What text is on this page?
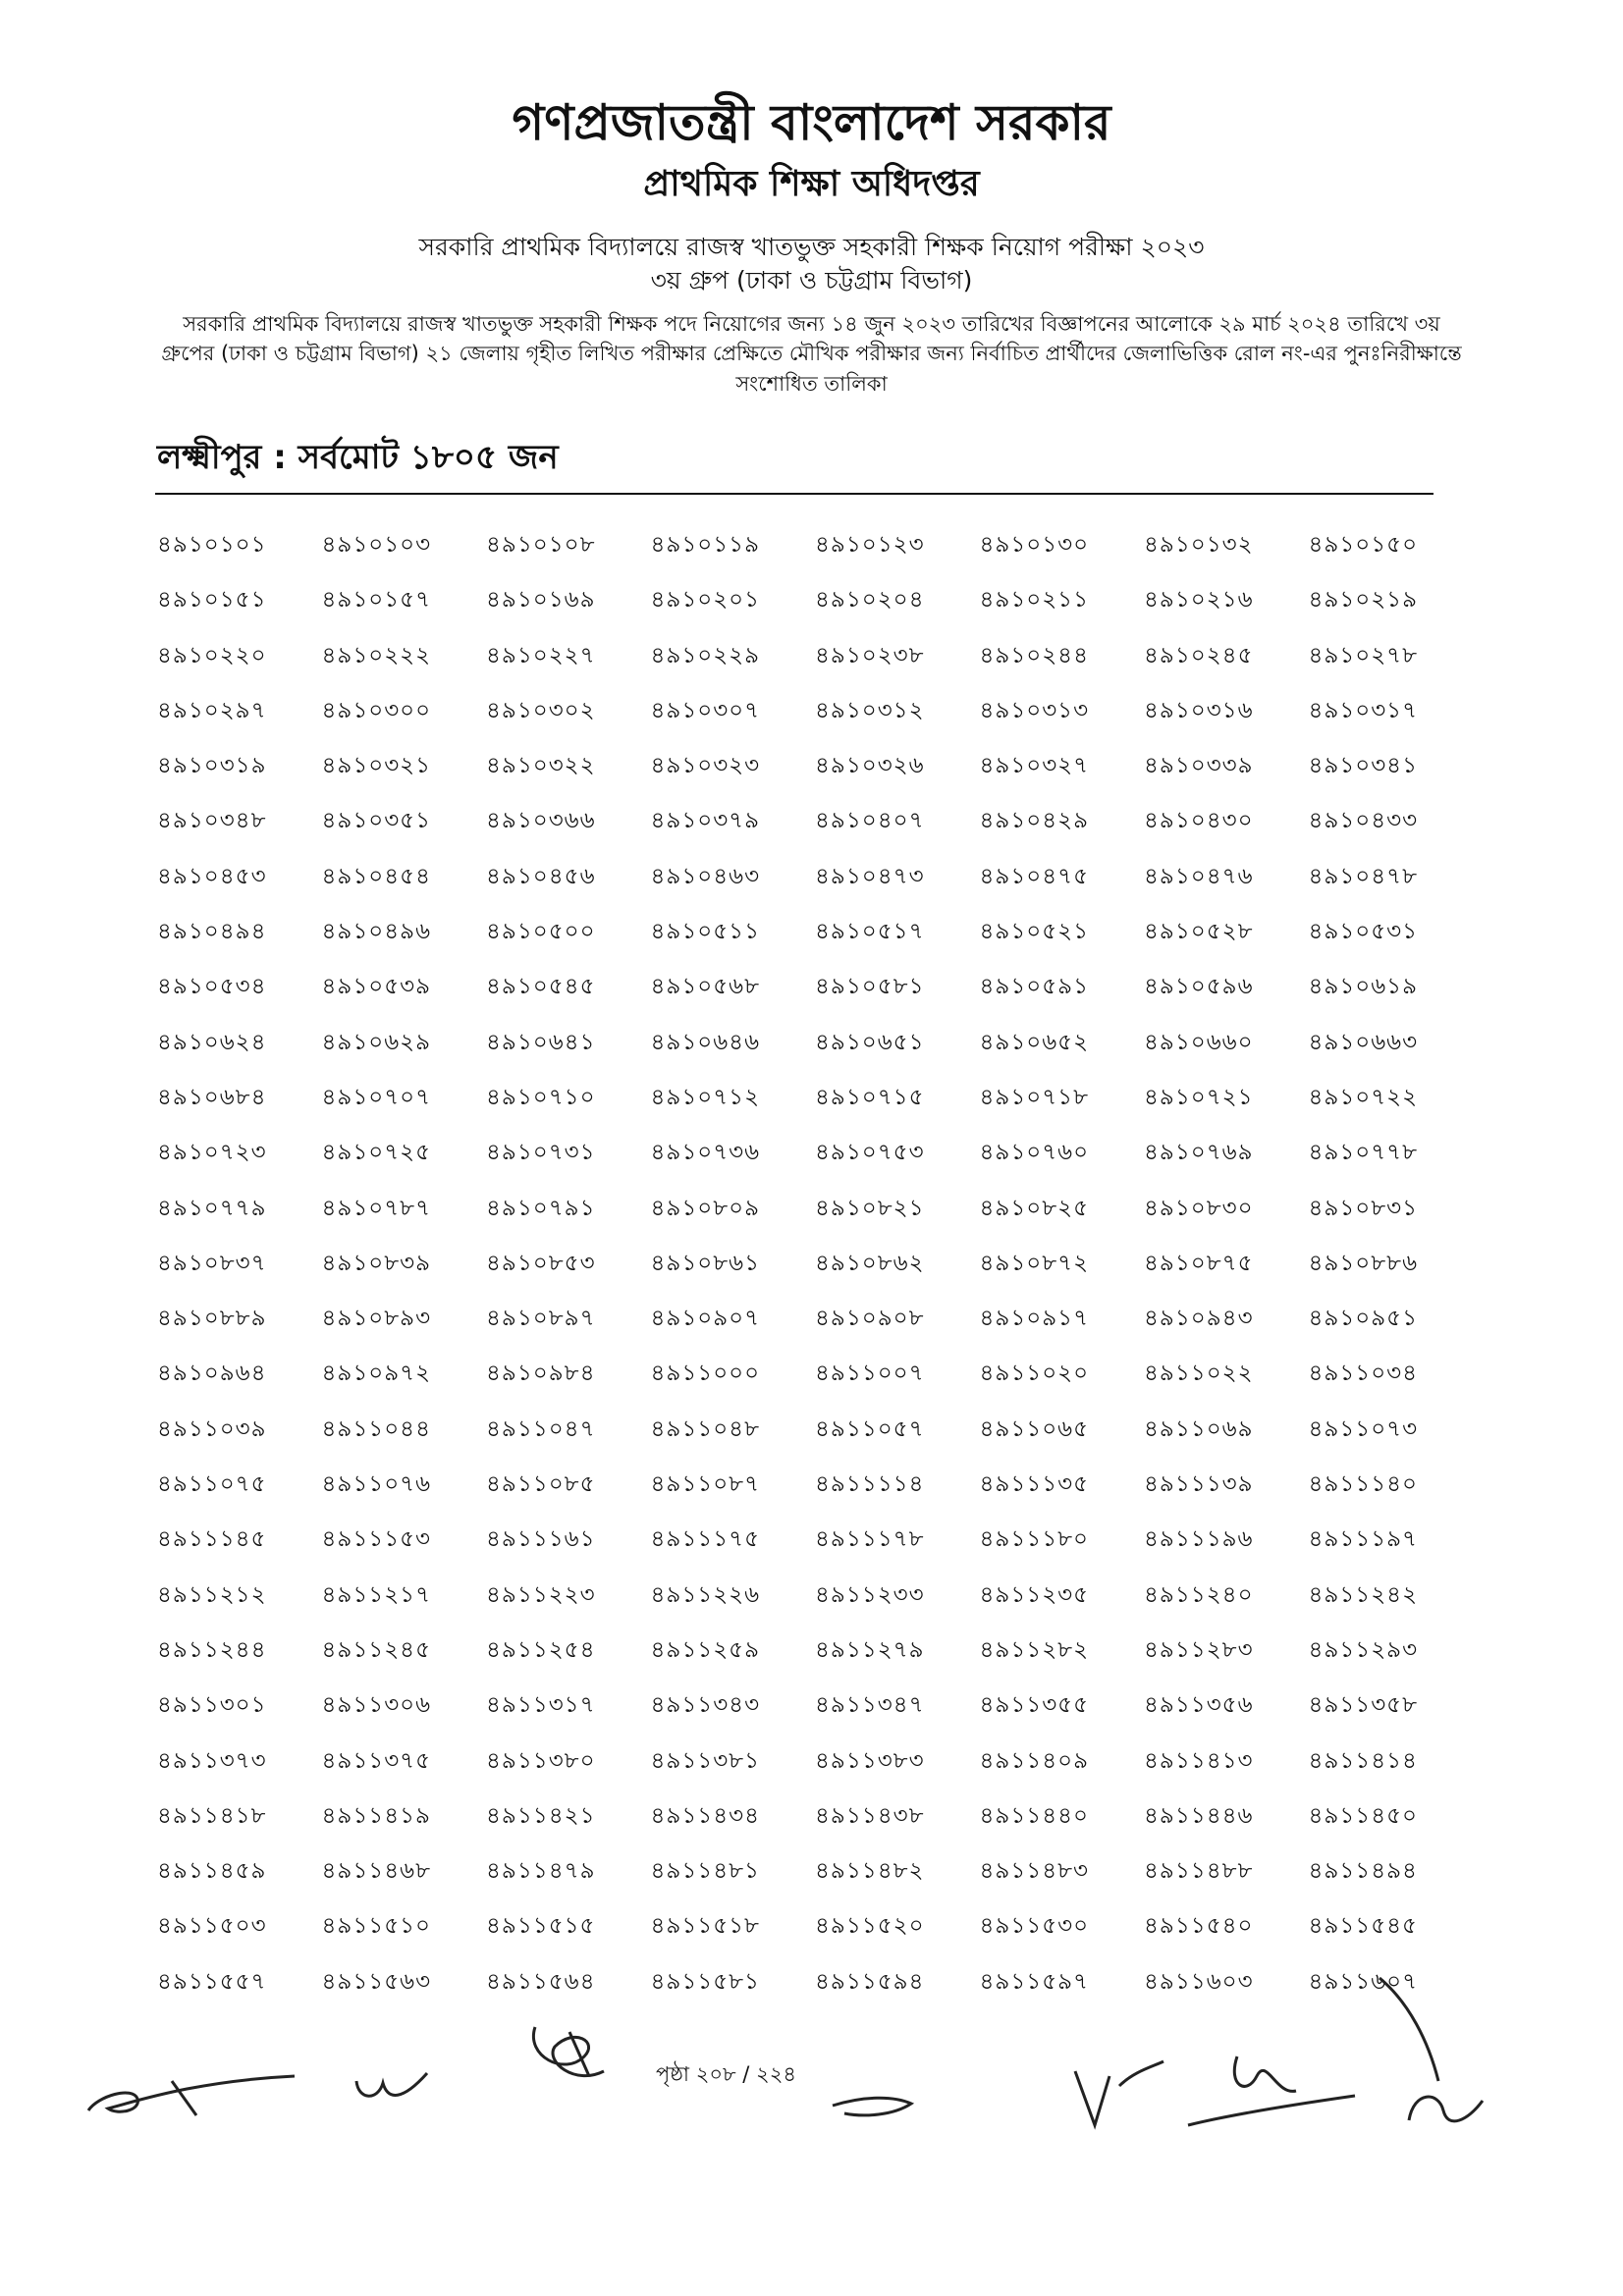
গণপ্রজাতন্ত্রী বাংলাদেশ সরকার
প্রাথমিক শিক্ষা অধিদপ্তর
সরকারি প্রাথমিক বিদ্যালয়ে রাজস্ব খাতভুক্ত সহকারী শিক্ষক নিয়োগ পরীক্ষা ২০২৩
৩য় গ্রুপ (ঢাকা ও চট্টগ্রাম বিভাগ)
সরকারি প্রাথমিক বিদ্যালয়ে রাজস্ব খাতভুক্ত সহকারী শিক্ষক পদে নিয়োগের জন্য ১৪ জুন ২০২৩ তারিখের বিজ্ঞাপনের আলোকে ২৯ মার্চ ২০২৪ তারিখে ৩য় গ্রুপের (ঢাকা ও চট্টগ্রাম বিভাগ) ২১ জেলায় গৃহীত লিখিত পরীক্ষার প্রেক্ষিতে মৌখিক পরীক্ষার জন্য নির্বাচিত প্রার্থীদের জেলাভিত্তিক রোল নং-এর পুনঃনিরীক্ষান্তে সংশোধিত তালিকা
লক্ষ্মীপুর : সর্বমোট ১৮০৫ জন
৪৯১০১০১	৪৯১০১০৩	৪৯১০১০৮	৪৯১০১১৯	৪৯১০১২৩	৪৯১০১৩০	৪৯১০১৩২	৪৯১০১৫০
৪৯১০১৫১	৪৯১০১৫৭	৪৯১০১৬৯	৪৯১০২০১	৪৯১০২০৪	৪৯১০২১১	৪৯১০২১৬	৪৯১০২১৯
৪৯১০২২০	৪৯১০২২২	৪৯১০২২৭	৪৯১০২২৯	৪৯১০২৩৮	৪৯১০২৪৪	৪৯১০২৪৫	৪৯১০২৭৮
৪৯১০২৯৭	৪৯১০৩০০	৪৯১০৩০২	৪৯১০৩০৭	৪৯১০৩১২	৪৯১০৩১৩	৪৯১০৩১৬	৪৯১০৩১৭
৪৯১০৩১৯	৪৯১০৩২১	৪৯১০৩২২	৪৯১০৩২৩	৪৯১০৩২৬	৪৯১০৩২৭	৪৯১০৩৩৯	৪৯১০৩৪১
৪৯১০৩৪৮	৪৯১০৩৫১	৪৯১০৩৬৬	৪৯১০৩৭৯	৪৯১০৪০৭	৪৯১০৪২৯	৪৯১০৪৩০	৪৯১০৪৩৩
৪৯১০৪৫৩	৪৯১০৪৫৪	৪৯১০৪৫৬	৪৯১০৪৬৩	৪৯১০৪৭৩	৪৯১০৪৭৫	৪৯১০৪৭৬	৪৯১০৪৭৮
৪৯১০৪৯৪	৪৯১০৪৯৬	৪৯১০৫০০	৪৯১০৫১১	৪৯১০৫১৭	৪৯১০৫২১	৪৯১০৫২৮	৪৯১০৫৩১
৪৯১০৫৩৪	৪৯১০৫৩৯	৪৯১০৫৪৫	৪৯১০৫৬৮	৪৯১০৫৮১	৪৯১০৫৯১	৪৯১০৫৯৬	৪৯১০৬১৯
৪৯১০৬২৪	৪৯১০৬২৯	৪৯১০৬৪১	৪৯১০৬৪৬	৪৯১০৬৫১	৪৯১০৬৫২	৪৯১০৬৬০	৪৯১০৬৬৩
৪৯১০৬৮৪	৪৯১০৭০৭	৪৯১০৭১০	৪৯১০৭১২	৪৯১০৭১৫	৪৯১০৭১৮	৪৯১০৭২১	৪৯১০৭২২
৪৯১০৭২৩	৪৯১০৭২৫	৪৯১০৭৩১	৪৯১০৭৩৬	৪৯১০৭৫৩	৪৯১০৭৬০	৪৯১০৭৬৯	৪৯১০৭৭৮
৪৯১০৭৭৯	৪৯১০৭৮৭	৪৯১০৭৯১	৪৯১০৮০৯	৪৯১০৮২১	৪৯১০৮২৫	৪৯১০৮৩০	৪৯১০৮৩১
৪৯১০৮৩৭	৪৯১০৮৩৯	৪৯১০৮৫৩	৪৯১০৮৬১	৪৯১০৮৬২	৪৯১০৮৭২	৪৯১০৮৭৫	৪৯১০৮৮৬
৪৯১০৮৮৯	৪৯১০৮৯৩	৪৯১০৮৯৭	৪৯১০৯০৭	৪৯১০৯০৮	৪৯১০৯১৭	৪৯১০৯৪৩	৪৯১০৯৫১
৪৯১০৯৬৪	৪৯১০৯৭২	৪৯১০৯৮৪	৪৯১১০০০	৪৯১১০০৭	৪৯১১০২০	৪৯১১০২২	৪৯১১০৩৪
৪৯১১০৩৯	৪৯১১০৪৪	৪৯১১০৪৭	৪৯১১০৪৮	৪৯১১০৫৭	৪৯১১০৬৫	৪৯১১০৬৯	৪৯১১০৭৩
৪৯১১০৭৫	৪৯১১০৭৬	৪৯১১০৮৫	৪৯১১০৮৭	৪৯১১১১৪	৪৯১১১৩৫	৪৯১১১৩৯	৪৯১১১৪০
৪৯১১১৪৫	৪৯১১১৫৩	৪৯১১১৬১	৪৯১১১৭৫	৪৯১১১৭৮	৪৯১১১৮০	৪৯১১১৯৬	৪৯১১১৯৭
৪৯১১২১২	৪৯১১২১৭	৪৯১১২২৩	৪৯১১২২৬	৪৯১১২৩৩	৪৯১১২৩৫	৪৯১১২৪০	৪৯১১২৪২
৪৯১১২৪৪	৪৯১১২৪৫	৪৯১১২৫৪	৪৯১১২৫৯	৪৯১১২৭৯	৪৯১১২৮২	৪৯১১২৮৩	৪৯১১২৯৩
৪৯১১৩০১	৪৯১১৩০৬	৪৯১১৩১৭	৪৯১১৩৪৩	৪৯১১৩৪৭	৪৯১১৩৫৫	৪৯১১৩৫৬	৪৯১১৩৫৮
৪৯১১৩৭৩	৪৯১১৩৭৫	৪৯১১৩৮০	৪৯১১৩৮১	৪৯১১৩৮৩	৪৯১১৪০৯	৪৯১১৪১৩	৪৯১১৪১৪
৪৯১১৪১৮	৪৯১১৪১৯	৪৯১১৪২১	৪৯১১৪৩৪	৪৯১১৪৩৮	৪৯১১৪৪০	৪৯১১৪৪৬	৪৯১১৪৫০
৪৯১১৪৫৯	৪৯১১৪৬৮	৪৯১১৪৭৯	৪৯১১৪৮১	৪৯১১৪৮২	৪৯১১৪৮৩	৪৯১১৪৮৮	৪৯১১৪৯৪
৪৯১১৫০৩	৪৯১১৫১০	৪৯১১৫১৫	৪৯১১৫১৮	৪৯১১৫২০	৪৯১১৫৩০	৪৯১১৫৪০	৪৯১১৫৪৫
৪৯১১৫৫৭	৪৯১১৫৬৩	৪৯১১৫৬৪	৪৯১১৫৮১	৪৯১১৫৯৪	৪৯১১৫৯৭	৪৯১১৬০৩	৪৯১১৬০৭
পৃষ্ঠা ২০৮ / ২২৪
